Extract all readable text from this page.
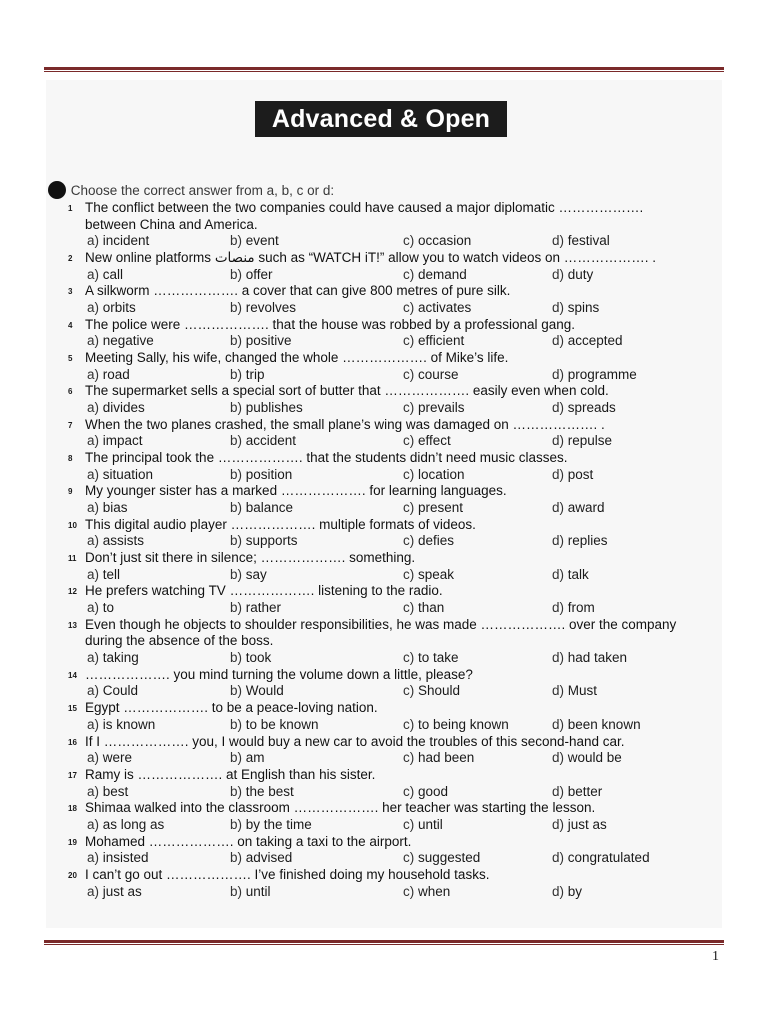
Advanced & Open
Choose the correct answer from a, b, c or d:
1 The conflict between the two companies could have caused a major diplomatic ……………….
between China and America.
a) incident	b) event	c) occasion	d) festival
2 New online platforms منصات such as “WATCH iT!” allow you to watch videos on ………………. .
a) call	b) offer	c) demand	d) duty
3 A silkworm ………………. a cover that can give 800 metres of pure silk.
a) orbits	b) revolves	c) activates	d) spins
4 The police were ………………. that the house was robbed by a professional gang.
a) negative	b) positive	c) efficient	d) accepted
5 Meeting Sally, his wife, changed the whole ………………. of Mike’s life.
a) road	b) trip	c) course	d) programme
6 The supermarket sells a special sort of butter that ………………. easily even when cold.
a) divides	b) publishes	c) prevails	d) spreads
7 When the two planes crashed, the small plane’s wing was damaged on ………………. .
a) impact	b) accident	c) effect	d) repulse
8 The principal took the ………………. that the students didn’t need music classes.
a) situation	b) position	c) location	d) post
9 My younger sister has a marked ………………. for learning languages.
a) bias	b) balance	c) present	d) award
10 This digital audio player ………………. multiple formats of videos.
a) assists	b) supports	c) defies	d) replies
11 Don’t just sit there in silence; ………………. something.
a) tell	b) say	c) speak	d) talk
12 He prefers watching TV ………………. listening to the radio.
a) to	b) rather	c) than	d) from
13 Even though he objects to shoulder responsibilities, he was made ………………. over the company
during the absence of the boss.
a) taking	b) took	c) to take	d) had taken
14 ………………. you mind turning the volume down a little, please?
a) Could	b) Would	c) Should	d) Must
15 Egypt ………………. to be a peace-loving nation.
a) is known	b) to be known	c) to being known	d) been known
16 If I ………………. you, I would buy a new car to avoid the troubles of this second-hand car.
a) were	b) am	c) had been	d) would be
17 Ramy is ………………. at English than his sister.
a) best	b) the best	c) good	d) better
18 Shimaa walked into the classroom ………………. her teacher was starting the lesson.
a) as long as	b) by the time	c) until	d) just as
19 Mohamed ………………. on taking a taxi to the airport.
a) insisted	b) advised	c) suggested	d) congratulated
20 I can’t go out ………………. I’ve finished doing my household tasks.
a) just as	b) until	c) when	d) by
1
